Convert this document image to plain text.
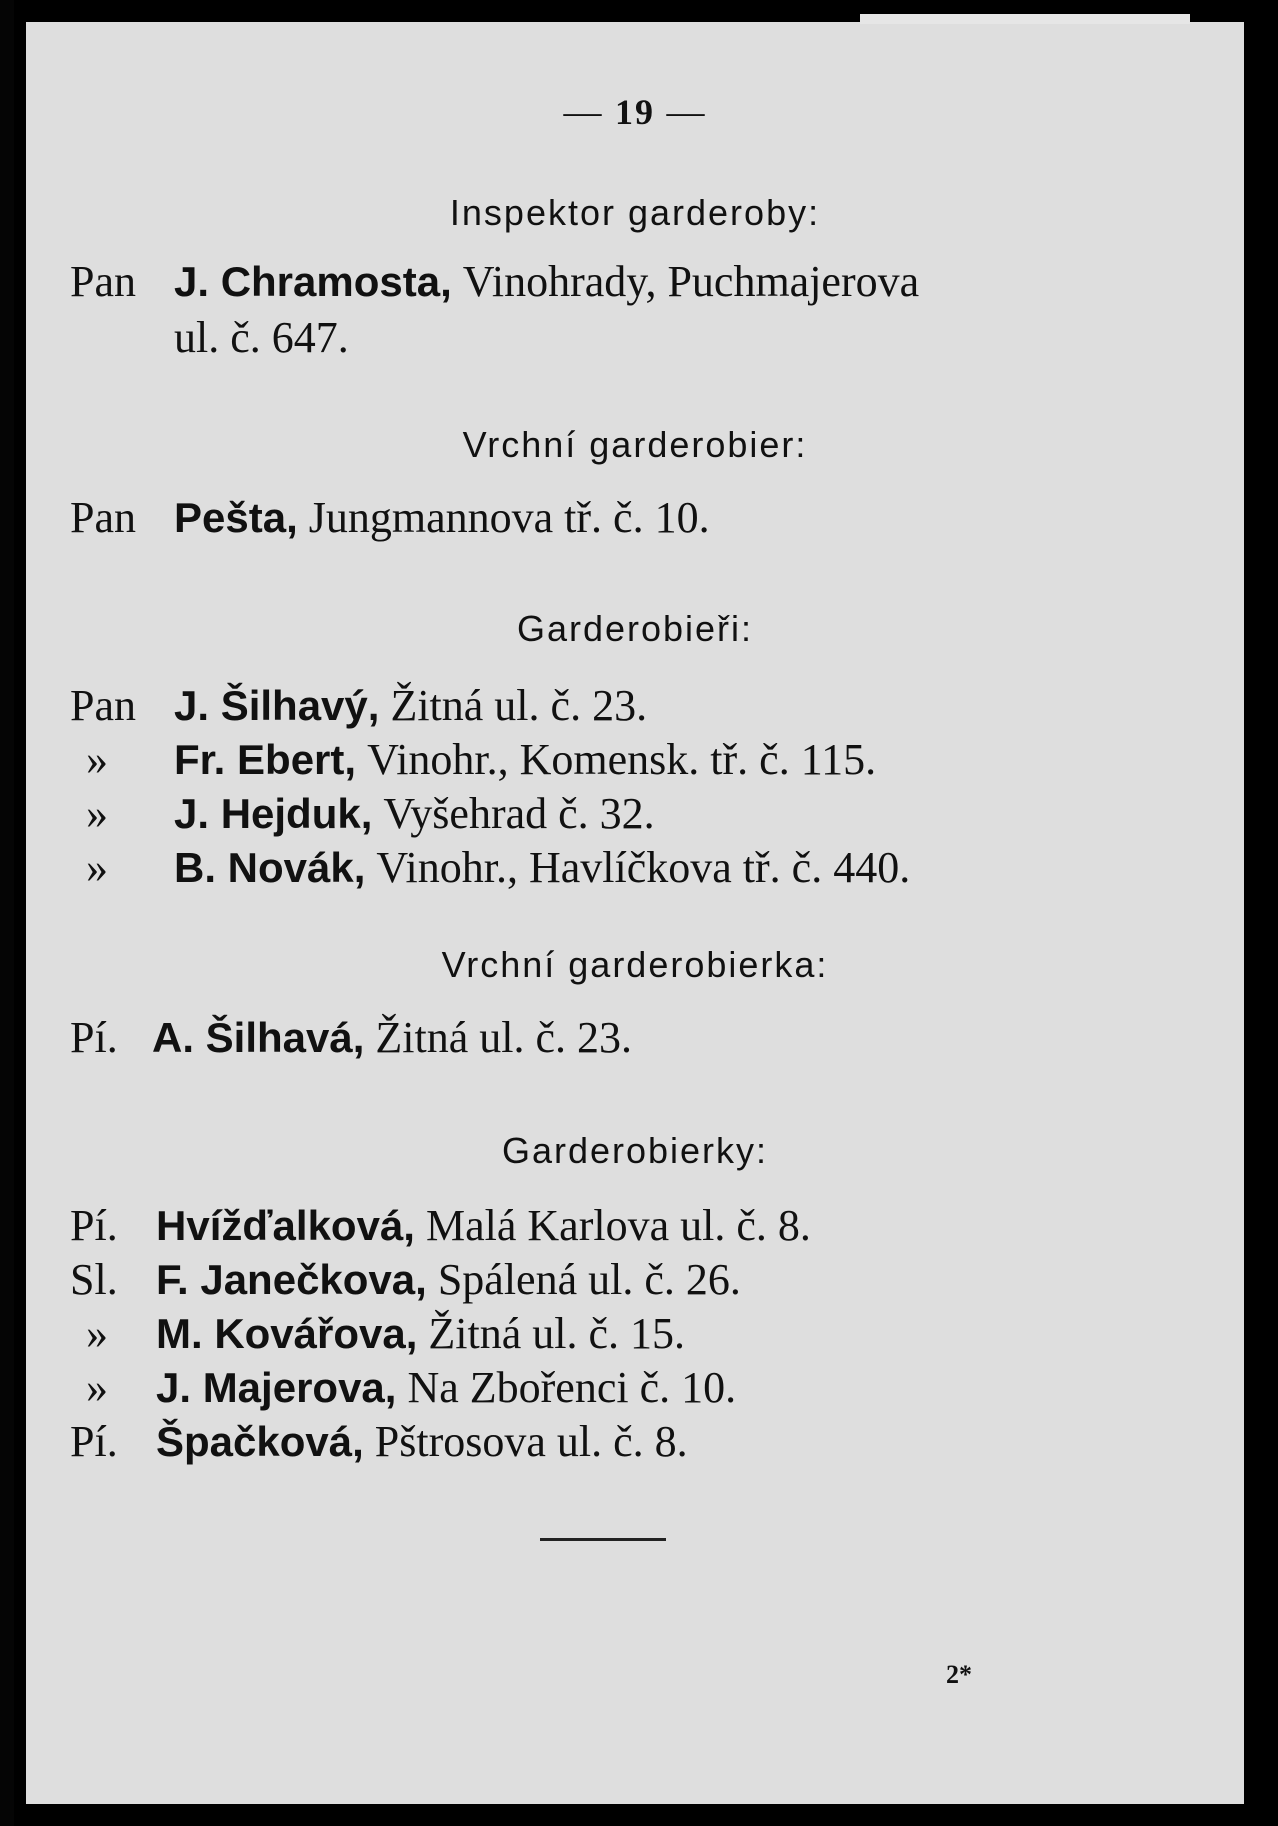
— 19 —
Inspektor garderoby:
Pan J. Chramosta, Vinohrady, Puchmajerova
ul. č. 647.
Vrchní garderobier:
Pan Pešta, Jungmannova tř. č. 10.
Garderobieři:
Pan J. Šilhavý, Žitná ul. č. 23.
» Fr. Ebert, Vinohr., Komensk. tř. č. 115.
» J. Hejduk, Vyšehrad č. 32.
» B. Novák, Vinohr., Havlíčkova tř. č. 440.
Vrchní garderobierka:
Pí. A. Šilhavá, Žitná ul. č. 23.
Garderobierky:
Pí. Hvížďalková, Malá Karlova ul. č. 8.
Sl. F. Janečkova, Spálená ul. č. 26.
» M. Kovářova, Žitná ul. č. 15.
» J. Majerova, Na Zbořenci č. 10.
Pí. Špačková, Pštrosova ul. č. 8.
2*
